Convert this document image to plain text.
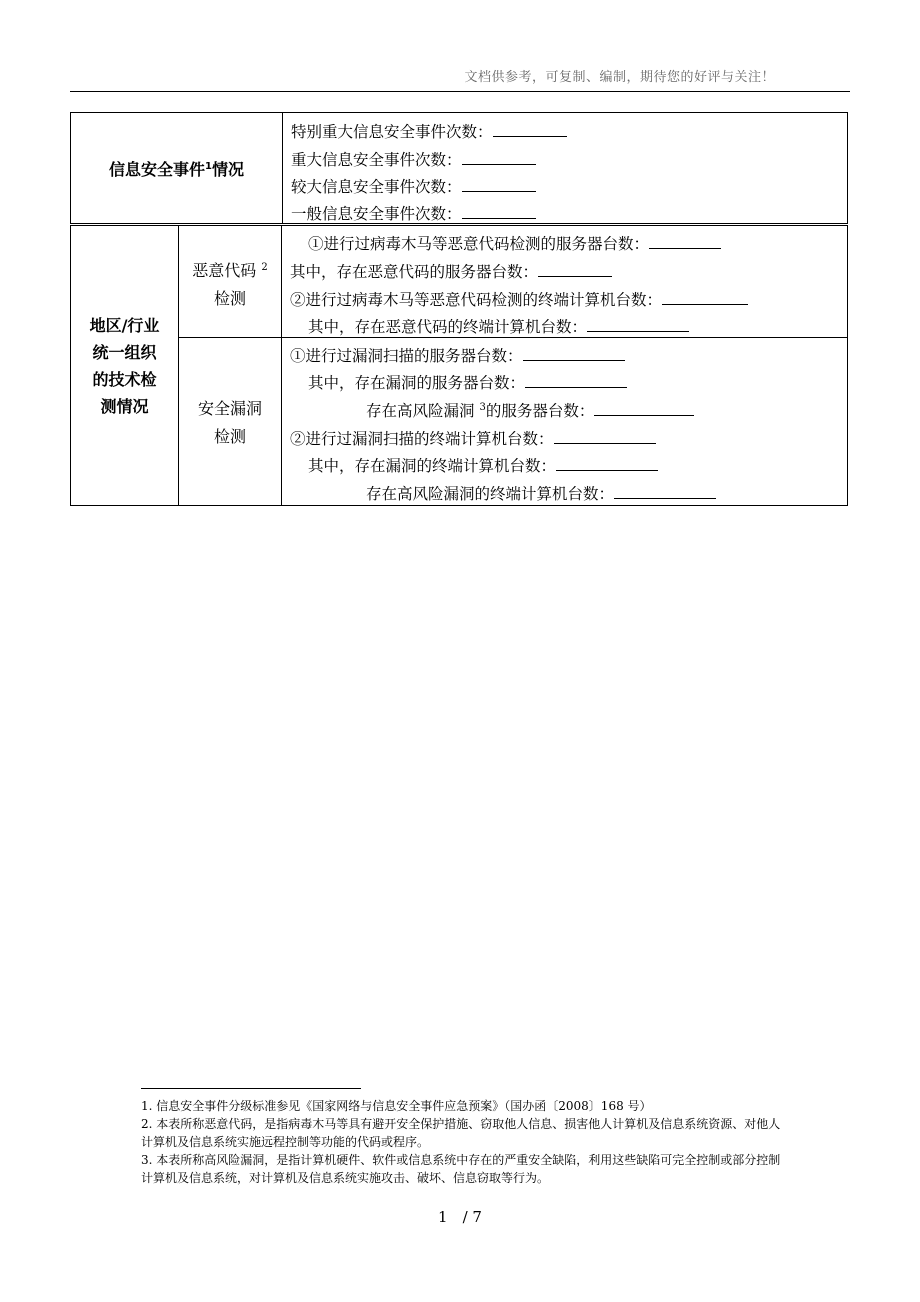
文档供参考，可复制、编制，期待您的好评与关注！
信息安全事件$^1$情况
特别重大信息安全事件次数：
重大信息安全事件次数：
较大信息安全事件次数：
一般信息安全事件次数：
地区/行业
统一组织
的技术检
测情况
恶意代码 $^2$
检测
安全漏洞
检测
①进行过病毒木马等恶意代码检测的服务器台数：
其中，存在恶意代码的服务器台数：
②进行过病毒木马等恶意代码检测的终端计算机台数：
其中，存在恶意代码的终端计算机台数：
①进行过漏洞扫描的服务器台数：
其中，存在漏洞的服务器台数：
存在高风险漏洞 $^3$的服务器台数：
②进行过漏洞扫描的终端计算机台数：
其中，存在漏洞的终端计算机台数：
存在高风险漏洞的终端计算机台数：

1. 信息安全事件分级标准参见《国家网络与信息安全事件应急预案》（国办函〔2008〕168 号）

2. 本表所称恶意代码，是指病毒木马等具有避开安全保护措施、窃取他人信息、损害他人计算机及信息系统资源、对他人计算机及信息系统实施远程控制等功能的代码或程序。

3. 本表所称高风险漏洞，是指计算机硬件、软件或信息系统中存在的严重安全缺陷，利用这些缺陷可完全控制或部分控制计算机及信息系统，对计算机及信息系统实施攻击、破坏、信息窃取等行为。

1　/ 7
